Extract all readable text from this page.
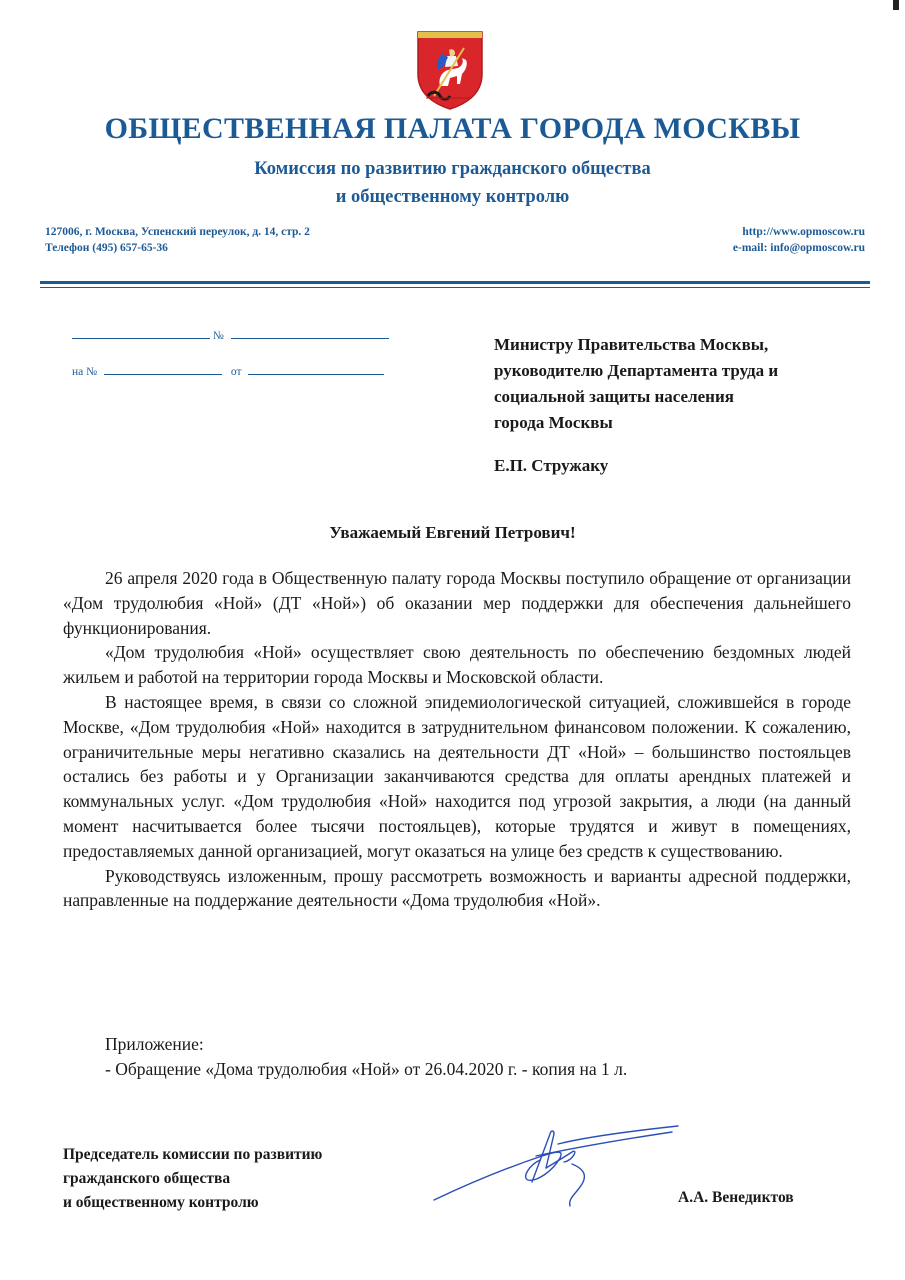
ОБЩЕСТВЕННАЯ ПАЛАТА ГОРОДА МОСКВЫ
Комиссия по развитию гражданского общества
и общественному контролю
127006, г. Москва, Успенский переулок, д. 14, стр. 2
Телефон (495) 657-65-36
http://www.opmoscow.ru
e-mail: info@opmoscow.ru
№
на №	от
Министру Правительства Москвы,
руководителю Департамента труда и
социальной защиты населения
города Москвы
Е.П. Стружаку
Уважаемый Евгений Петрович!

26 апреля 2020 года в Общественную палату города Москвы поступило обращение от организации «Дом трудолюбия «Ной» (ДТ «Ной») об оказании мер поддержки для обеспечения дальнейшего функционирования.

«Дом трудолюбия «Ной» осуществляет свою деятельность по обеспечению бездомных людей жильем и работой на территории города Москвы и Московской области.

В настоящее время, в связи со сложной эпидемиологической ситуацией, сложившейся в городе Москве, «Дом трудолюбия «Ной» находится в затруднительном финансовом положении. К сожалению, ограничительные меры негативно сказались на деятельности ДТ «Ной» – большинство постояльцев остались без работы и у Организации заканчиваются средства для оплаты арендных платежей и коммунальных услуг. «Дом трудолюбия «Ной» находится под угрозой закрытия, а люди (на данный момент насчитывается более тысячи постояльцев), которые трудятся и живут в помещениях, предоставляемых данной организацией, могут оказаться на улице без средств к существованию.

Руководствуясь изложенным, прошу рассмотреть возможность и варианты адресной поддержки, направленные на поддержание деятельности «Дома трудолюбия «Ной».

Приложение:
- Обращение «Дома трудолюбия «Ной» от 26.04.2020 г. - копия на 1 л.
Председатель комиссии по развитию
гражданского общества
и общественному контролю	А.А. Венедиктов
